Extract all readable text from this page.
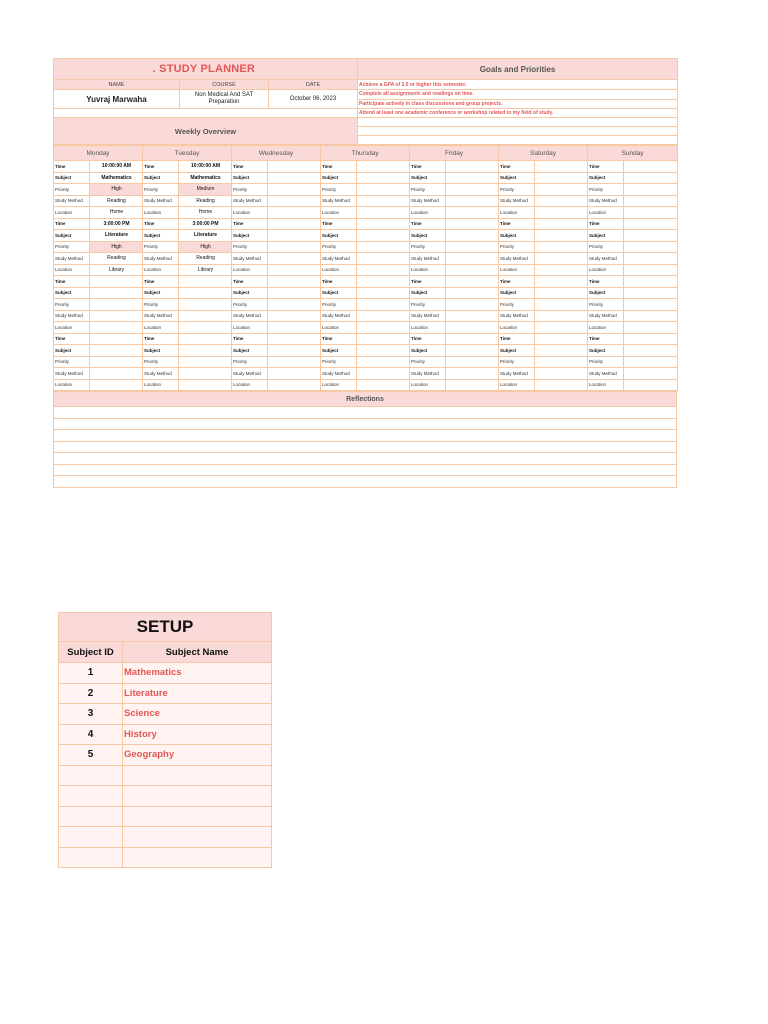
.⁠⁠⁠⁠ STUDY PLANNER ⁠⁠⁠⁠⁠			Goals and Priorities
NAME	COURSE	DATE	Achieve a GPA of 3.5 or higher this semester.
Yuvraj Marwaha	Non Medical And SAT Preparation	October 06, 2023	Complete all assignments and readings on time.
			Participate actively in class discussions and group projects.
			Attend at least one academic conference or workshop related to my field of study.
Weekly Overview			

Monday		Tuesday		Wednesday		Thursday		Friday		Saturday		Sunday	
Time	10:00:00 AM	Time	10:00:00 AM	Time		Time		Time		Time		Time	
Subject	Mathematics	Subject	Mathematics	Subject		Subject		Subject		Subject		Subject	
Priority	High	Priority	Medium	Priority		Priority		Priority		Priority		Priority	
Study Method	Reading	Study Method	Reading	Study Method		Study Method		Study Method		Study Method		Study Method	
Location	Home	Location	Home	Location		Location		Location		Location		Location	
Time	3:00:00 PM	Time	3:00:00 PM	Time		Time		Time		Time		Time	
Subject	Literature	Subject	Literature	Subject		Subject		Subject		Subject		Subject	
Priority	High	Priority	High	Priority		Priority		Priority		Priority		Priority	
Study Method	Reading	Study Method	Reading	Study Method		Study Method		Study Method		Study Method		Study Method	
Location	Library	Location	Library	Location		Location		Location		Location		Location	
Time		Time		Time		Time		Time		Time		Time	
Subject		Subject		Subject		Subject		Subject		Subject		Subject	
Priority		Priority		Priority		Priority		Priority		Priority		Priority	
Study Method		Study Method		Study Method		Study Method		Study Method		Study Method		Study Method	
Location		Location		Location		Location		Location		Location		Location	
Time		Time		Time		Time		Time		Time		Time	
Subject		Subject		Subject		Subject		Subject		Subject		Subject	
Priority		Priority		Priority		Priority		Priority		Priority		Priority	
Study Method		Study Method		Study Method		Study Method		Study Method		Study Method		Study Method	
Location		Location		Location		Location		Location		Location		Location	
Reflections

SETUP	
Subject ID	Subject Name
1	Mathematics
2	Literature
3	Science
4	History
5	Geography
